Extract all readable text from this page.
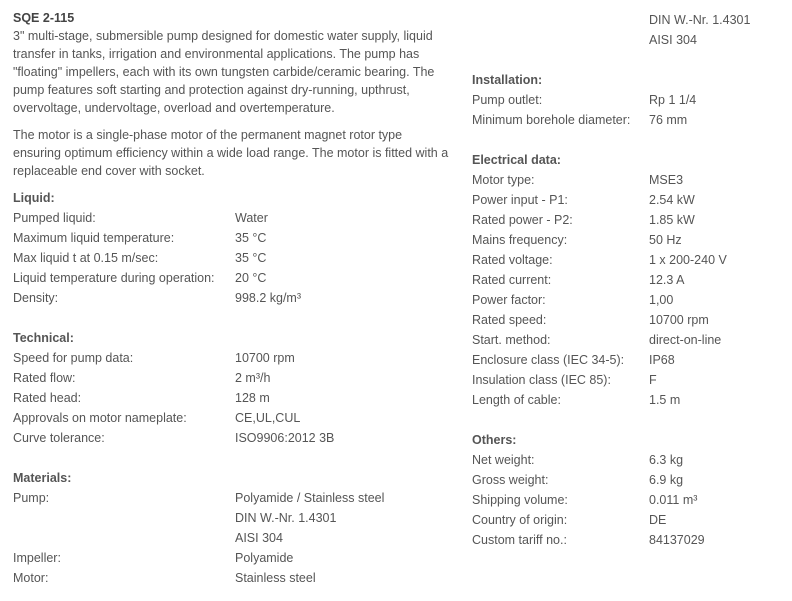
SQE 2-115

3" multi-stage, submersible pump designed for domestic water supply, liquid transfer in tanks, irrigation and environmental applications. The pump has "floating" impellers, each with its own tungsten carbide/ceramic bearing. The pump features soft starting and protection against dry-running, upthrust, overvoltage, undervoltage, overload and overtemperature.

The motor is a single-phase motor of the permanent magnet rotor type ensuring optimum efficiency within a wide load range. The motor is fitted with a replaceable end cover with socket.

Liquid:
Pumped liquid:	Water
Maximum liquid temperature:	35 °C
Max liquid t at 0.15 m/sec:	35 °C
Liquid temperature during operation:	20 °C
Density:	998.2 kg/m³
Technical:
Speed for pump data:	10700 rpm
Rated flow:	2 m³/h
Rated head:	128 m
Approvals on motor nameplate:	CE,UL,CUL
Curve tolerance:	ISO9906:2012 3B
Materials:
Pump:	Polyamide / Stainless steel
DIN W.-Nr. 1.4301
AISI 304
Impeller:	Polyamide
Motor:	Stainless steel
DIN W.-Nr. 1.4301
AISI 304
Installation:
Pump outlet:	Rp 1 1/4
Minimum borehole diameter:	76 mm
Electrical data:
Motor type:	MSE3
Power input - P1:	2.54 kW
Rated power - P2:	1.85 kW
Mains frequency:	50 Hz
Rated voltage:	1 x 200-240 V
Rated current:	12.3 A
Power factor:	1,00
Rated speed:	10700 rpm
Start. method:	direct-on-line
Enclosure class (IEC 34-5):	IP68
Insulation class (IEC 85):	F
Length of cable:	1.5 m
Others:
Net weight:	6.3 kg
Gross weight:	6.9 kg
Shipping volume:	0.011 m³
Country of origin:	DE
Custom tariff no.:	84137029
